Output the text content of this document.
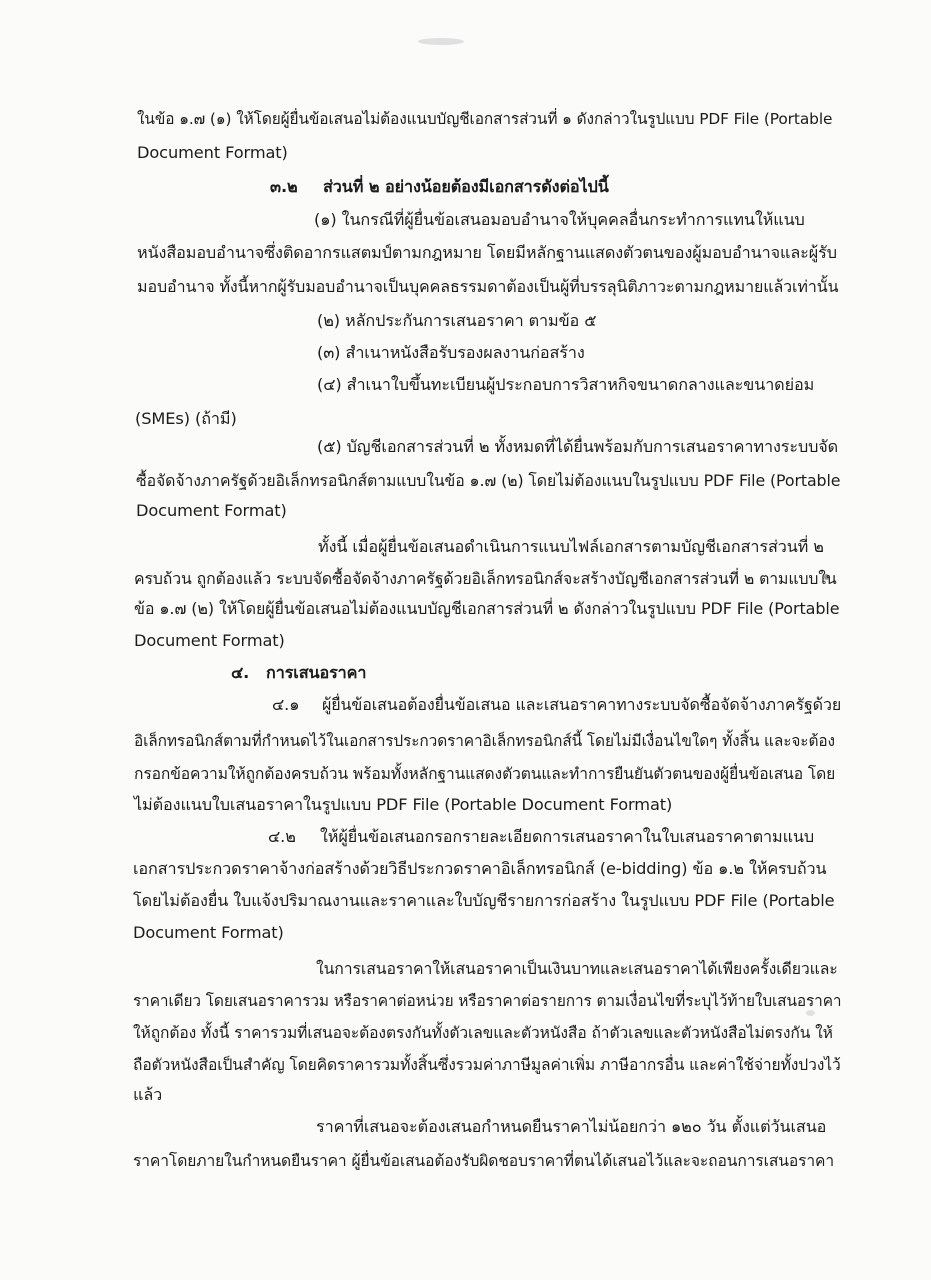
ในข้อ ๑.๗ (๑) ให้โดยผู้ยื่นข้อเสนอไม่ต้องแนบบัญชีเอกสารส่วนที่ ๑ ดังกล่าวในรูปแบบ PDF File (Portable
Document Format)
๓.๒ ส่วนที่ ๒ อย่างน้อยต้องมีเอกสารดังต่อไปนี้
(๑) ในกรณีที่ผู้ยื่นข้อเสนอมอบอำนาจให้บุคคลอื่นกระทำการแทนให้แนบ
หนังสือมอบอำนาจซึ่งติดอากรแสตมป์ตามกฎหมาย โดยมีหลักฐานแสดงตัวตนของผู้มอบอำนาจและผู้รับ
มอบอำนาจ ทั้งนี้หากผู้รับมอบอำนาจเป็นบุคคลธรรมดาต้องเป็นผู้ที่บรรลุนิติภาวะตามกฎหมายแล้วเท่านั้น
(๒) หลักประกันการเสนอราคา ตามข้อ ๕
(๓) สำเนาหนังสือรับรองผลงานก่อสร้าง
(๔) สำเนาใบขึ้นทะเบียนผู้ประกอบการวิสาหกิจขนาดกลางและขนาดย่อม
(SMEs) (ถ้ามี)
(๕) บัญชีเอกสารส่วนที่ ๒ ทั้งหมดที่ได้ยื่นพร้อมกับการเสนอราคาทางระบบจัด
ซื้อจัดจ้างภาครัฐด้วยอิเล็กทรอนิกส์ตามแบบในข้อ ๑.๗ (๒) โดยไม่ต้องแนบในรูปแบบ PDF File (Portable
Document Format)
ทั้งนี้ เมื่อผู้ยื่นข้อเสนอดำเนินการแนบไฟล์เอกสารตามบัญชีเอกสารส่วนที่ ๒
ครบถ้วน ถูกต้องแล้ว ระบบจัดซื้อจัดจ้างภาครัฐด้วยอิเล็กทรอนิกส์จะสร้างบัญชีเอกสารส่วนที่ ๒ ตามแบบใน
ข้อ ๑.๗ (๒) ให้โดยผู้ยื่นข้อเสนอไม่ต้องแนบบัญชีเอกสารส่วนที่ ๒ ดังกล่าวในรูปแบบ PDF File (Portable
Document Format)
๔. การเสนอราคา
๔.๑ ผู้ยื่นข้อเสนอต้องยื่นข้อเสนอ และเสนอราคาทางระบบจัดซื้อจัดจ้างภาครัฐด้วย
อิเล็กทรอนิกส์ตามที่กำหนดไว้ในเอกสารประกวดราคาอิเล็กทรอนิกส์นี้ โดยไม่มีเงื่อนไขใดๆ ทั้งสิ้น และจะต้อง
กรอกข้อความให้ถูกต้องครบถ้วน พร้อมทั้งหลักฐานแสดงตัวตนและทำการยืนยันตัวตนของผู้ยื่นข้อเสนอ โดย
ไม่ต้องแนบใบเสนอราคาในรูปแบบ PDF File (Portable Document Format)
๔.๒ ให้ผู้ยื่นข้อเสนอกรอกรายละเอียดการเสนอราคาในใบเสนอราคาตามแนบ
เอกสารประกวดราคาจ้างก่อสร้างด้วยวิธีประกวดราคาอิเล็กทรอนิกส์ (e-bidding) ข้อ ๑.๒ ให้ครบถ้วน
โดยไม่ต้องยื่น ใบแจ้งปริมาณงานและราคาและใบบัญชีรายการก่อสร้าง ในรูปแบบ PDF File (Portable
Document Format)
ในการเสนอราคาให้เสนอราคาเป็นเงินบาทและเสนอราคาได้เพียงครั้งเดียวและ
ราคาเดียว โดยเสนอราคารวม หรือราคาต่อหน่วย หรือราคาต่อรายการ ตามเงื่อนไขที่ระบุไว้ท้ายใบเสนอราคา
ให้ถูกต้อง ทั้งนี้ ราคารวมที่เสนอจะต้องตรงกันทั้งตัวเลขและตัวหนังสือ ถ้าตัวเลขและตัวหนังสือไม่ตรงกัน ให้
ถือตัวหนังสือเป็นสำคัญ โดยคิดราคารวมทั้งสิ้นซึ่งรวมค่าภาษีมูลค่าเพิ่ม ภาษีอากรอื่น และค่าใช้จ่ายทั้งปวงไว้
แล้ว
ราคาที่เสนอจะต้องเสนอกำหนดยืนราคาไม่น้อยกว่า ๑๒๐ วัน ตั้งแต่วันเสนอ
ราคาโดยภายในกำหนดยืนราคา ผู้ยื่นข้อเสนอต้องรับผิดชอบราคาที่ตนได้เสนอไว้และจะถอนการเสนอราคา
